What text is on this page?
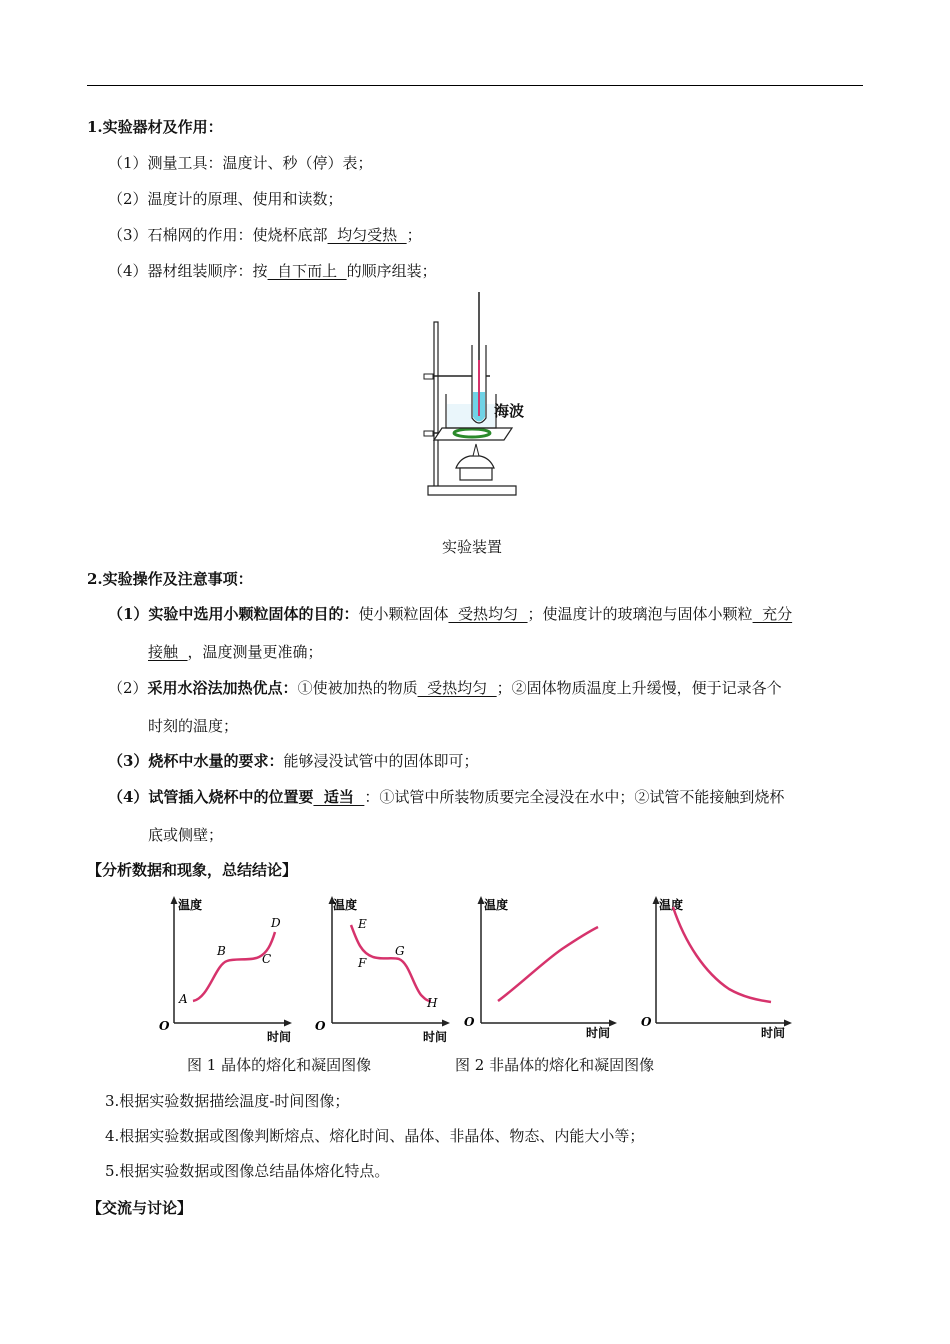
1.实验器材及作用：
（1）测量工具：温度计、秒（停）表；
（2）温度计的原理、使用和读数；
（3）石棉网的作用：使烧杯底部  均匀受热  ；
（4）器材组装顺序：按  自下而上  的顺序组装；
海波
实验装置
2.实验操作及注意事项：
（1）实验中选用小颗粒固体的目的：使小颗粒固体  受热均匀  ；使温度计的玻璃泡与固体小颗粒  充分
接触  ，温度测量更准确；
（2）采用水浴法加热优点：①使被加热的物质  受热均匀  ；②固体物质温度上升缓慢，便于记录各个
时刻的温度；
（3）烧杯中水量的要求：能够浸没试管中的固体即可；
（4）试管插入烧杯中的位置要  适当  ：①试管中所装物质要完全浸没在水中；②试管不能接触到烧杯
底或侧壁；
【分析数据和现象，总结结论】
温度
时间
O
A
B
C
D
温度
时间
O
E
F
G
H
温度
时间
O
温度
时间
O
图 1 晶体的熔化和凝固图像	图 2 非晶体的熔化和凝固图像
3.根据实验数据描绘温度-时间图像；
4.根据实验数据或图像判断熔点、熔化时间、晶体、非晶体、物态、内能大小等；
5.根据实验数据或图像总结晶体熔化特点。
【交流与讨论】
